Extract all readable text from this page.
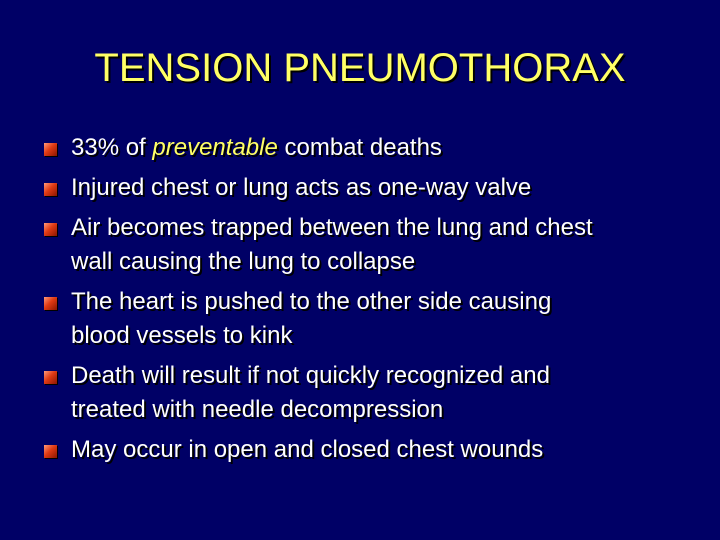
TENSION PNEUMOTHORAX
33% of preventable combat deaths
Injured chest or lung acts as one-way valve
Air becomes trapped between the lung and chest
wall causing the lung to collapse
The heart is pushed to the other side causing
blood vessels to kink
Death will result if not quickly recognized and
treated with needle decompression
May occur in open and closed chest wounds
